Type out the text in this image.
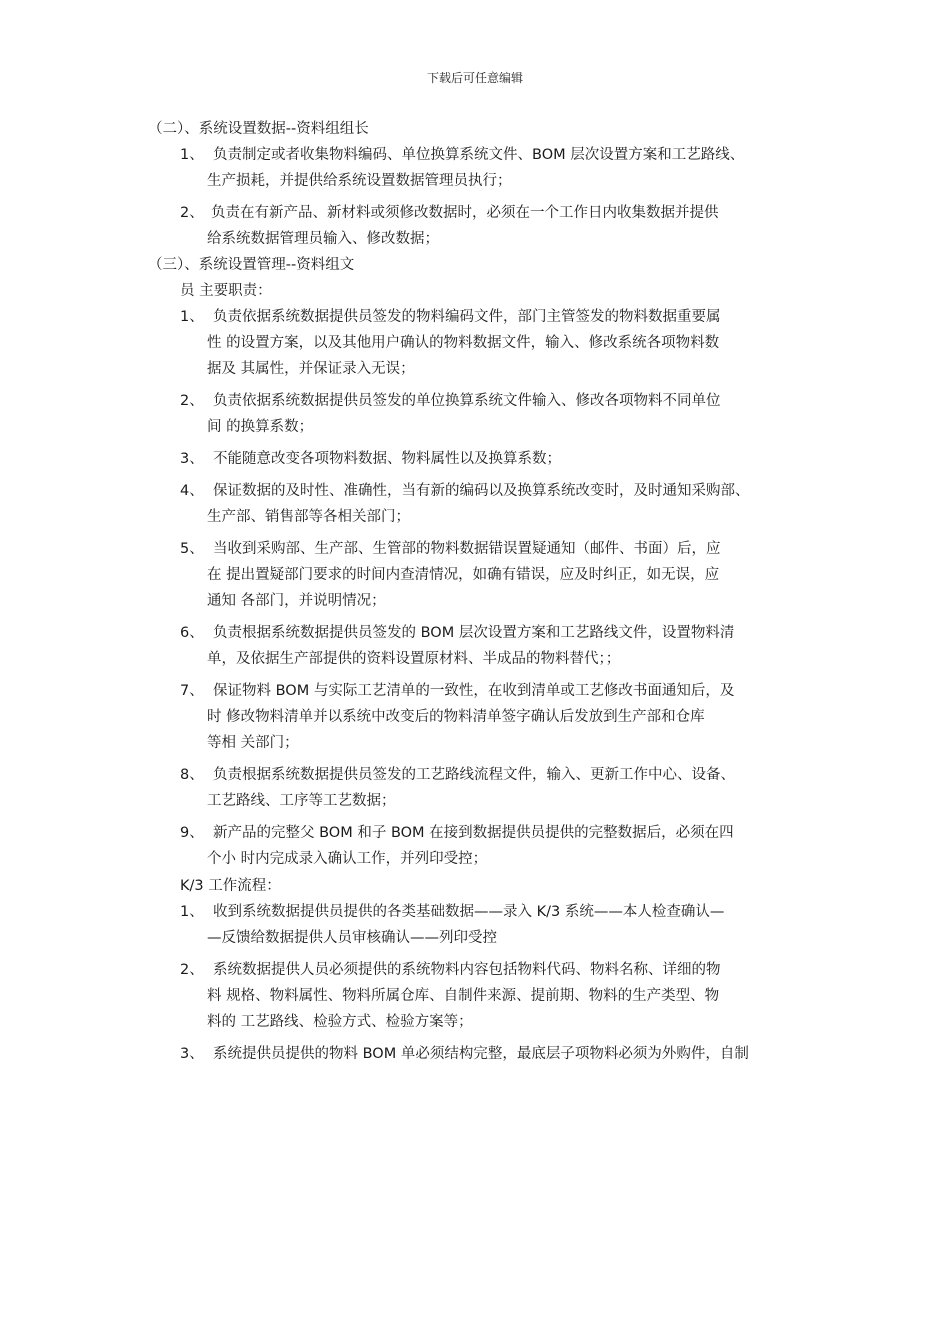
下载后可任意编辑
（二）、系统设置数据--资料组组长
1、 负责制定或者收集物料编码、单位换算系统文件、BOM 层次设置方案和工艺路线、
生产损耗，并提供给系统设置数据管理员执行；
2、 负责在有新产品、新材料或须修改数据时，必须在一个工作日内收集数据并提供
给系统数据管理员输入、修改数据；
（三）、系统设置管理--资料组文
员 主要职责：
1、 负责依据系统数据提供员签发的物料编码文件，部门主管签发的物料数据重要属
性 的设置方案，以及其他用户确认的物料数据文件，输入、修改系统各项物料数
据及 其属性，并保证录入无误；
2、 负责依据系统数据提供员签发的单位换算系统文件输入、修改各项物料不同单位
间 的换算系数；
3、 不能随意改变各项物料数据、物料属性以及换算系数；
4、 保证数据的及时性、准确性，当有新的编码以及换算系统改变时，及时通知采购部、
生产部、销售部等各相关部门；
5、 当收到采购部、生产部、生管部的物料数据错误置疑通知（邮件、书面）后，应
在 提出置疑部门要求的时间内查清情况，如确有错误，应及时纠正，如无误，应
通知 各部门，并说明情况；
6、 负责根据系统数据提供员签发的 BOM 层次设置方案和工艺路线文件，设置物料清
单，及依据生产部提供的资料设置原材料、半成品的物料替代；；
7、 保证物料 BOM 与实际工艺清单的一致性，在收到清单或工艺修改书面通知后，及
时 修改物料清单并以系统中改变后的物料清单签字确认后发放到生产部和仓库
等相 关部门；
8、 负责根据系统数据提供员签发的工艺路线流程文件，输入、更新工作中心、设备、
工艺路线、工序等工艺数据；
9、 新产品的完整父 BOM 和子 BOM 在接到数据提供员提供的完整数据后，必须在四
个小 时内完成录入确认工作，并列印受控；
K/3 工作流程：
1、 收到系统数据提供员提供的各类基础数据——录入 K/3 系统——本人检查确认—
—反馈给数据提供人员审核确认——列印受控
2、 系统数据提供人员必须提供的系统物料内容包括物料代码、物料名称、详细的物
料 规格、物料属性、物料所属仓库、自制件来源、提前期、物料的生产类型、物
料的 工艺路线、检验方式、检验方案等；
3、 系统提供员提供的物料 BOM 单必须结构完整，最底层子项物料必须为外购件，自制
